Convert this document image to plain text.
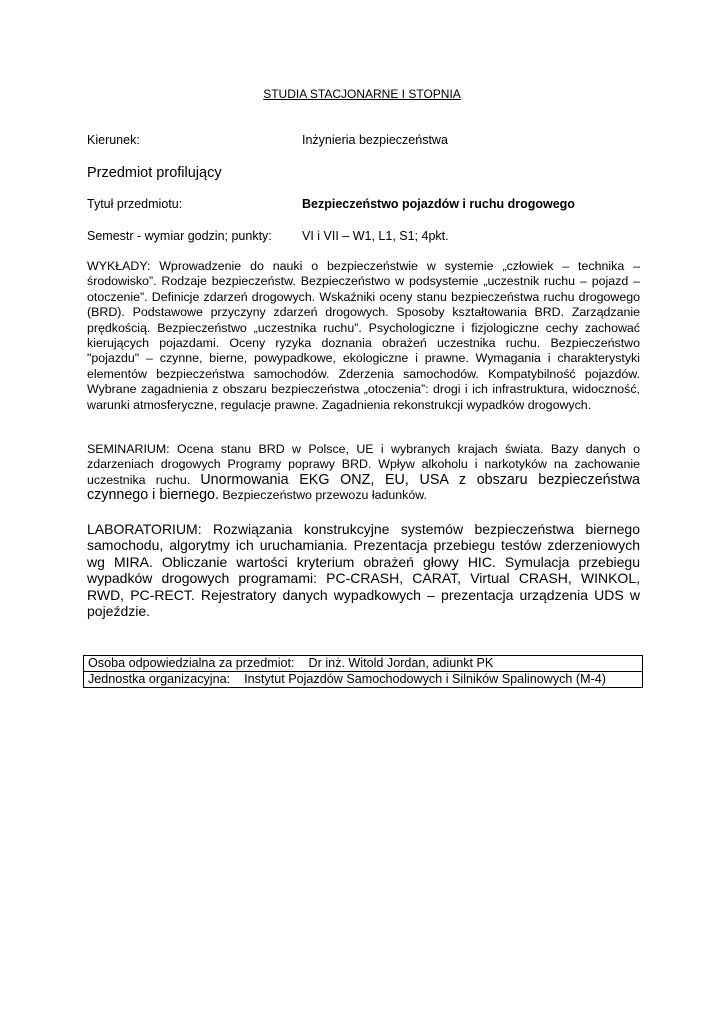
STUDIA STACJONARNE I STOPNIA
Kierunek:	Inżynieria bezpieczeństwa
Przedmiot profilujący
Tytuł przedmiotu:	Bezpieczeństwo pojazdów i ruchu drogowego
Semestr - wymiar godzin; punkty: VI i VII – W1, L1, S1; 4pkt.

WYKŁADY: Wprowadzenie do nauki o bezpieczeństwie w systemie „człowiek – technika – środowisko”. Rodzaje bezpieczeństw. Bezpieczeństwo w podsystemie „uczestnik ruchu – pojazd – otoczenie”. Definicje zdarzeń drogowych. Wskaźniki oceny stanu bezpieczeństwa ruchu drogowego (BRD). Podstawowe przyczyny zdarzeń drogowych. Sposoby kształtowania BRD. Zarządzanie prędkością. Bezpieczeństwo „uczestnika ruchu”. Psychologiczne i fizjologiczne cechy zachować kierujących pojazdami. Oceny ryzyka doznania obrażeń uczestnika ruchu. Bezpieczeństwo "pojazdu" – czynne, bierne, powypadkowe, ekologiczne i prawne. Wymagania i charakterystyki elementów bezpieczeństwa samochodów. Zderzenia samochodów. Kompatybilność pojazdów. Wybrane zagadnienia z obszaru bezpieczeństwa „otoczenia”: drogi i ich infrastruktura, widoczność, warunki atmosferyczne, regulacje prawne. Zagadnienia rekonstrukcji wypadków drogowych.

SEMINARIUM: Ocena stanu BRD w Polsce, UE i wybranych krajach świata. Bazy danych o zdarzeniach drogowych Programy poprawy BRD. Wpływ alkoholu i narkotyków na zachowanie uczestnika ruchu. Unormowania EKG ONZ, EU, USA z obszaru bezpieczeństwa czynnego i biernego. Bezpieczeństwo przewozu ładunków.

LABORATORIUM: Rozwiązania konstrukcyjne systemów bezpieczeństwa biernego samochodu, algorytmy ich uruchamiania. Prezentacja przebiegu testów zderzeniowych wg MIRA. Obliczanie wartości kryterium obrażeń głowy HIC. Symulacja przebiegu wypadków drogowych programami: PC-CRASH, CARAT, Virtual CRASH, WINKOL, RWD, PC-RECT. Rejestratory danych wypadkowych – prezentacja urządzenia UDS w pojeździe.

Osoba odpowiedzialna za przedmiot: Dr inż. Witold Jordan, adiunkt PK
Jednostka organizacyjna: Instytut Pojazdów Samochodowych i Silników Spalinowych (M-4)
